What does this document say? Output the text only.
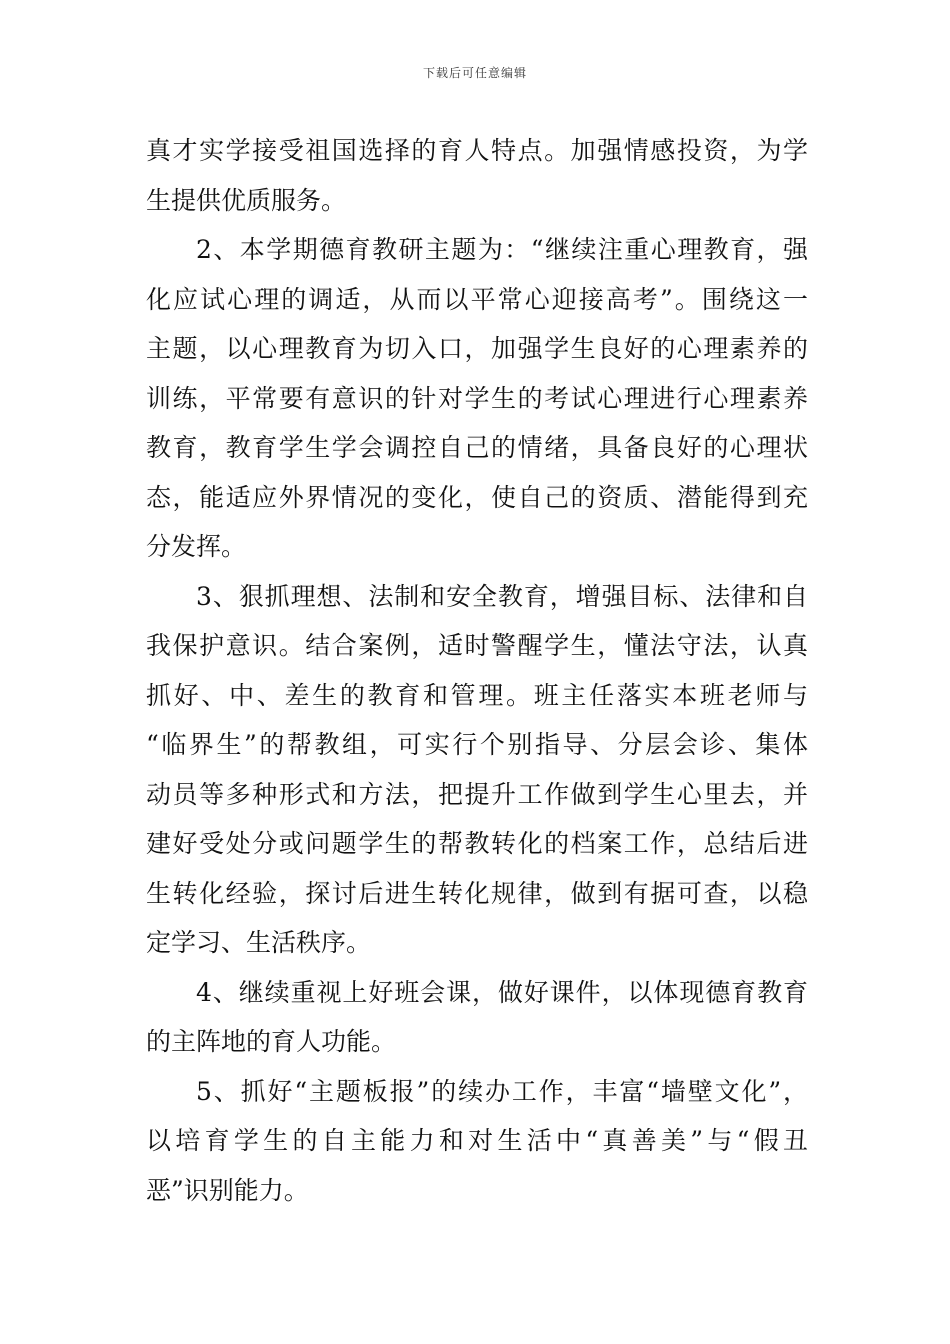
下载后可任意编辑
真才实学接受祖国选择的育人特点。加强情感投资，为学
生提供优质服务。
2、本学期德育教研主题为：“继续注重心理教育，强
化应试心理的调适，从而以平常心迎接高考”。围绕这一
主题，以心理教育为切入口，加强学生良好的心理素养的
训练，平常要有意识的针对学生的考试心理进行心理素养
教育，教育学生学会调控自己的情绪，具备良好的心理状
态，能适应外界情况的变化，使自己的资质、潜能得到充
分发挥。
3、狠抓理想、法制和安全教育，增强目标、法律和自
我保护意识。结合案例，适时警醒学生，懂法守法，认真
抓好、中、差生的教育和管理。班主任落实本班老师与
“临界生”的帮教组，可实行个别指导、分层会诊、集体
动员等多种形式和方法，把提升工作做到学生心里去，并
建好受处分或问题学生的帮教转化的档案工作，总结后进
生转化经验，探讨后进生转化规律，做到有据可查，以稳
定学习、生活秩序。
4、继续重视上好班会课，做好课件，以体现德育教育
的主阵地的育人功能。
5、抓好“主题板报”的续办工作，丰富“墙壁文化”，
以培育学生的自主能力和对生活中“真善美”与“假丑
恶”识别能力。
